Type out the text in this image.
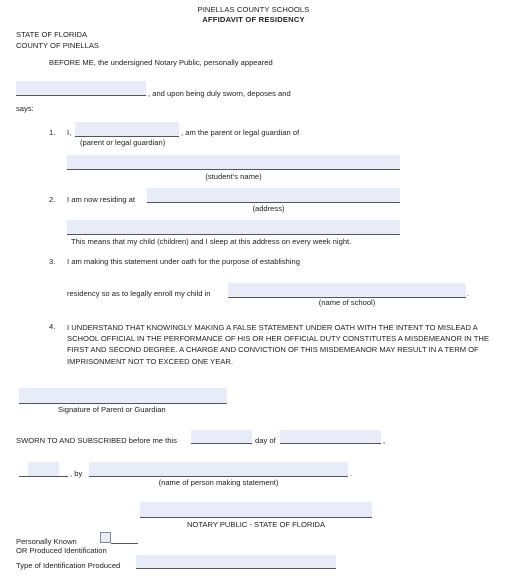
PINELLAS COUNTY SCHOOLS
AFFIDAVIT OF RESIDENCY
STATE OF FLORIDA
COUNTY OF PINELLAS
BEFORE ME, the undersigned Notary Public, personally appeared
, and upon being duly sworn, deposes and
says:
1. I,	, am the parent or legal guardian of
(parent or legal guardian)
(student's name)
2. I am now residing at
(address)
This means that my child (children) and I sleep at this address on every week night.
3. I am making this statement under oath for the purpose of establishing
residency so as to legally enroll my child in	.
(name of school)
4. I UNDERSTAND THAT KNOWINGLY MAKING A FALSE STATEMENT UNDER OATH WITH THE INTENT TO MISLEAD A SCHOOL OFFICIAL IN THE PERFORMANCE OF HIS OR HER OFFICIAL DUTY CONSTITUTES A MISDEMEANOR IN THE FIRST AND SECOND DEGREE. A CHARGE AND CONVICTION OF THIS MISDEMEANOR MAY RESULT IN A TERM OF IMPRISONMENT NOT TO EXCEED ONE YEAR.
Signature of Parent or Guardian
SWORN TO AND SUBSCRIBED before me this	day of	,
, by	.
(name of person making statement)
NOTARY PUBLIC - STATE OF FLORIDA
Personally Known
OR Produced Identification
Type of Identification Produced
